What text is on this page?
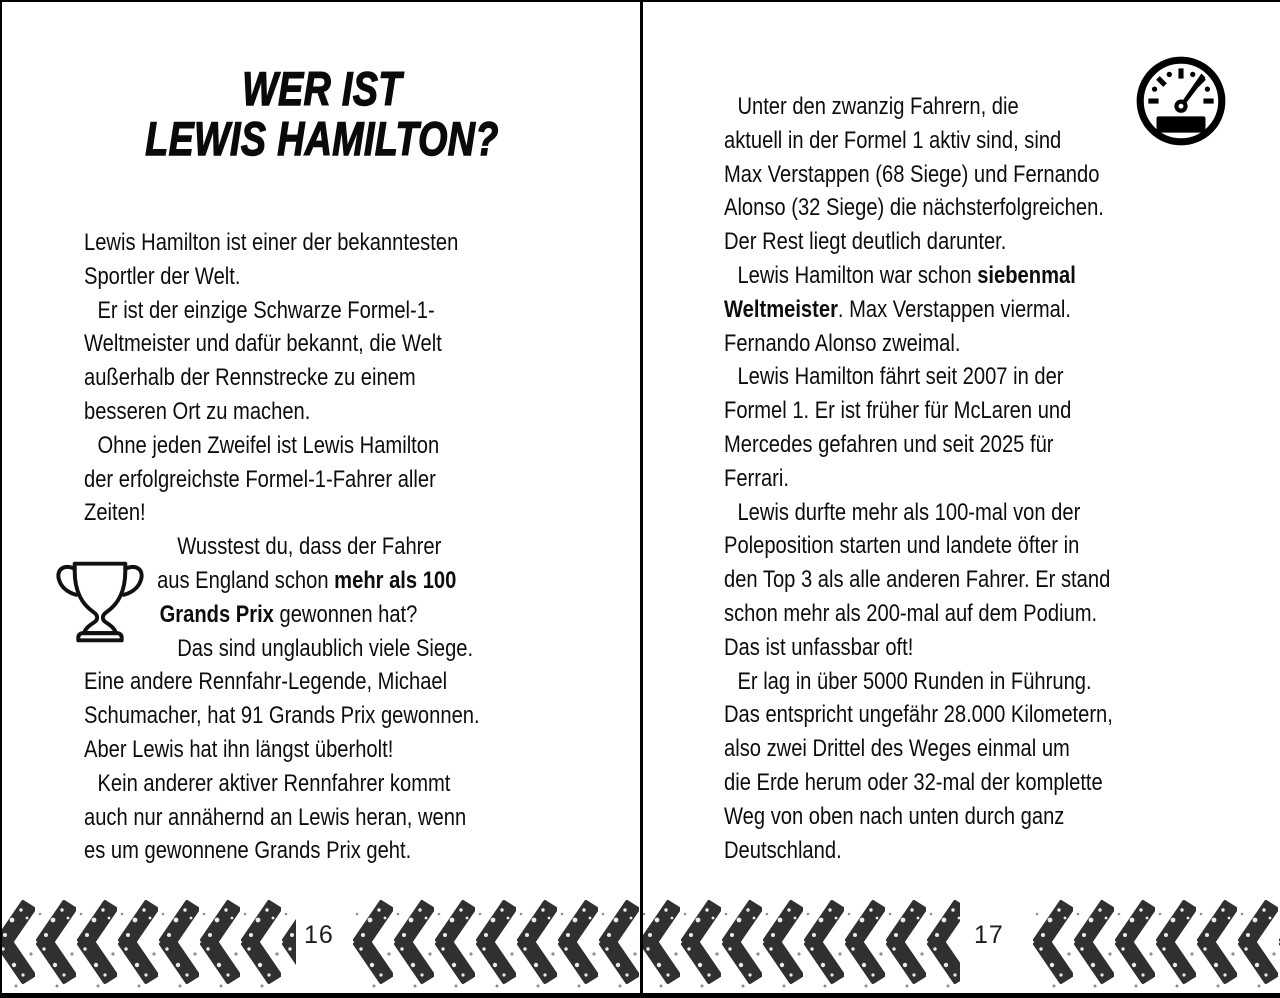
WER IST
LEWIS HAMILTON?
Lewis Hamilton ist einer der bekanntesten
Sportler der Welt.
Er ist der einzige Schwarze Formel-1-
Weltmeister und dafür bekannt, die Welt
außerhalb der Rennstrecke zu einem
besseren Ort zu machen.
Ohne jeden Zweifel ist Lewis Hamilton
der erfolgreichste Formel-1-Fahrer aller
Zeiten!
Wusstest du, dass der Fahrer
aus England schon mehr als 100
Grands Prix gewonnen hat?
Das sind unglaublich viele Siege.
Eine andere Rennfahr-Legende, Michael
Schumacher, hat 91 Grands Prix gewonnen.
Aber Lewis hat ihn längst überholt!
Kein anderer aktiver Rennfahrer kommt
auch nur annähernd an Lewis heran, wenn
es um gewonnene Grands Prix geht.
16
Unter den zwanzig Fahrern, die
aktuell in der Formel 1 aktiv sind, sind
Max Verstappen (68 Siege) und Fernando
Alonso (32 Siege) die nächsterfolgreichen.
Der Rest liegt deutlich darunter.
Lewis Hamilton war schon siebenmal
Weltmeister. Max Verstappen viermal.
Fernando Alonso zweimal.
Lewis Hamilton fährt seit 2007 in der
Formel 1. Er ist früher für McLaren und
Mercedes gefahren und seit 2025 für
Ferrari.
Lewis durfte mehr als 100-mal von der
Poleposition starten und landete öfter in
den Top 3 als alle anderen Fahrer. Er stand
schon mehr als 200-mal auf dem Podium.
Das ist unfassbar oft!
Er lag in über 5000 Runden in Führung.
Das entspricht ungefähr 28.000 Kilometern,
also zwei Drittel des Weges einmal um
die Erde herum oder 32-mal der komplette
Weg von oben nach unten durch ganz
Deutschland.
17
